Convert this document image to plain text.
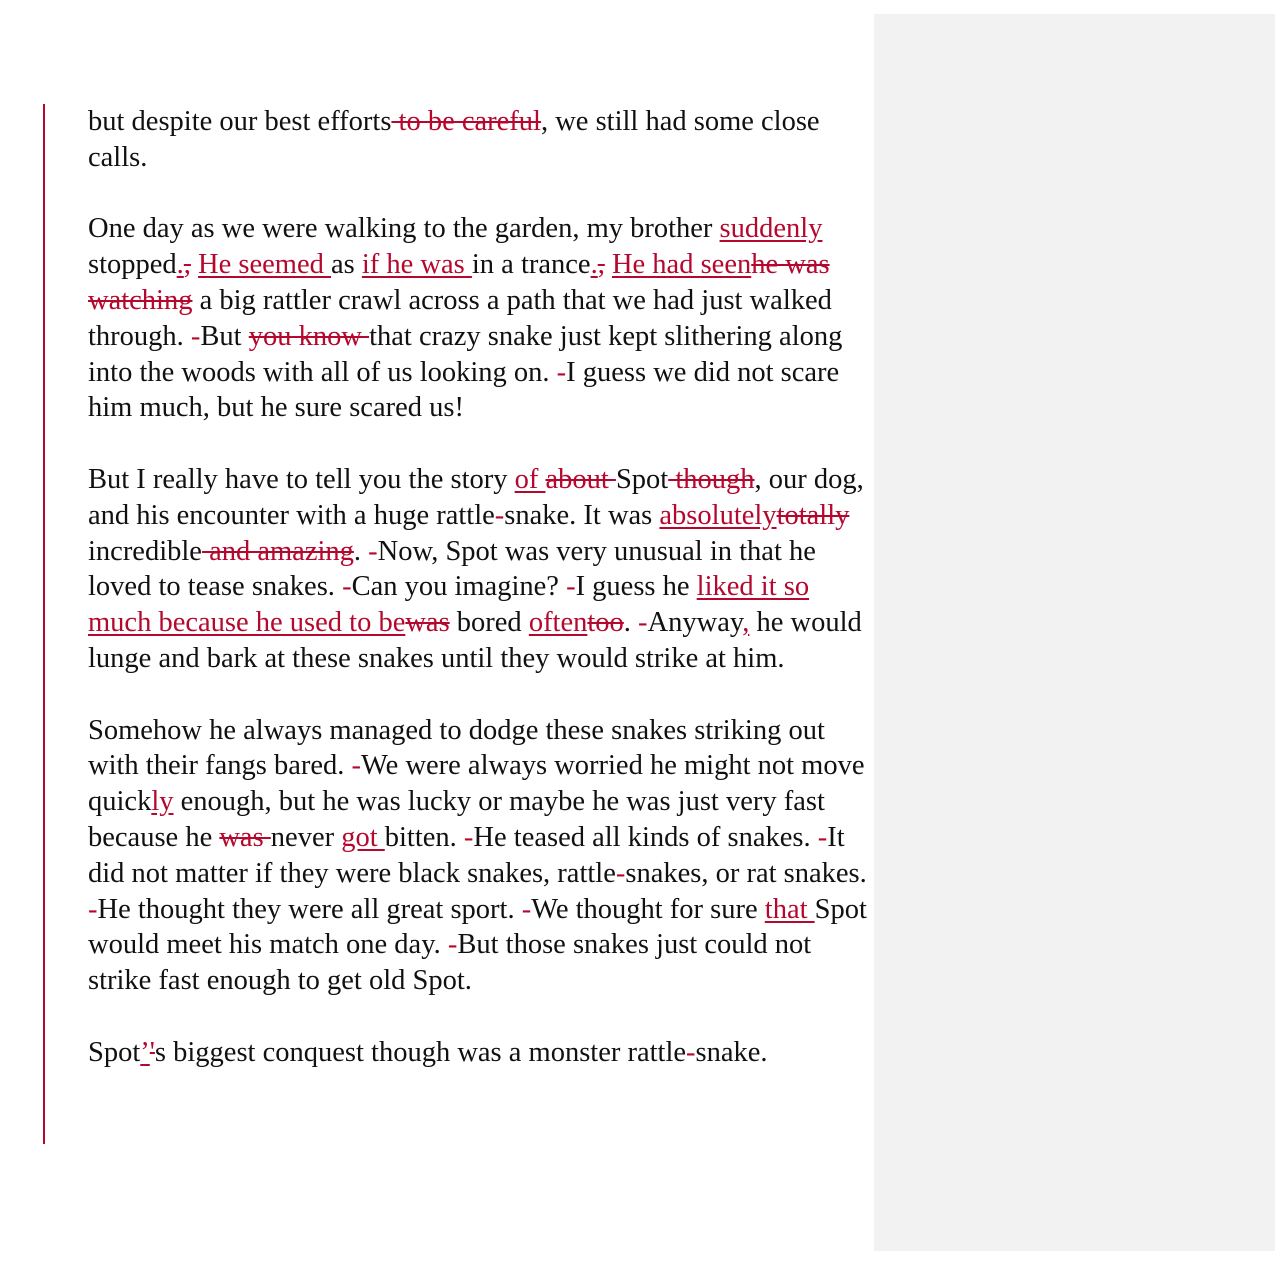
but despite our best efforts to be careful, we still had some close calls.

One day as we were walking to the garden, my brother suddenly stopped., He seemed as if he was in a trance., He had seenhe was watching a big rattler crawl across a path that we had just walked through. -But you know that crazy snake just kept slithering along into the woods with all of us looking on. -I guess we did not scare him much, but he sure scared us!

But I really have to tell you the story of about Spot though, our dog, and his encounter with a huge rattle-snake. It was absolutelytotally incredible and amazing. -Now, Spot was very unusual in that he loved to tease snakes. -Can you imagine? -I guess he liked it so much because he used to bewas bored oftentoo. -Anyway, he would lunge and bark at these snakes until they would strike at him.

Somehow he always managed to dodge these snakes striking out with their fangs bared. -We were always worried he might not move quickly enough, but he was lucky or maybe he was just very fast because he was never got bitten. -He teased all kinds of snakes. -It did not matter if they were black snakes, rattle-snakes, or rat snakes. -He thought they were all great sport. -We thought for sure that Spot would meet his match one day. -But those snakes just could not strike fast enough to get old Spot.

Spot’'s biggest conquest though was a monster rattle-snake.
